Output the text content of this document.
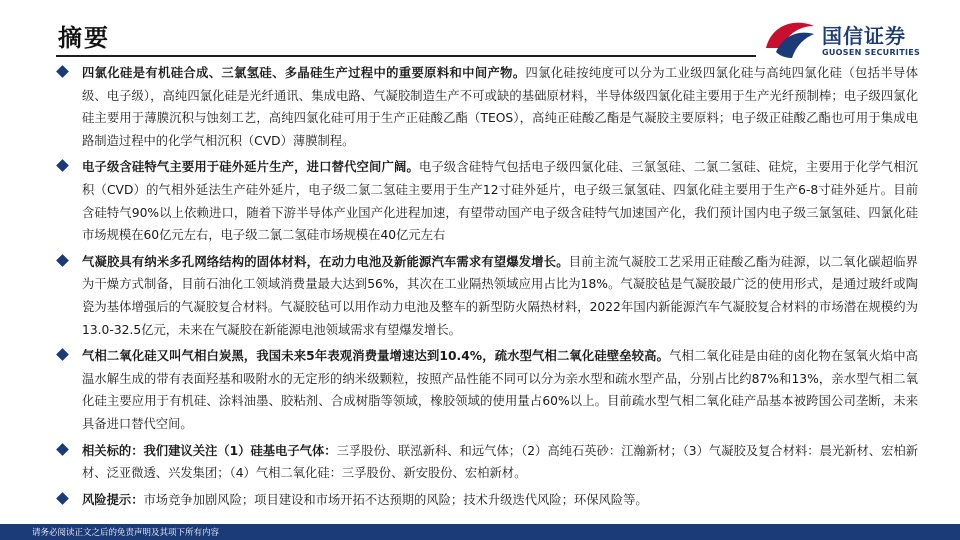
摘要	国信证券
GUOSEN SECURITIES
四氯化硅是有机硅合成、三氯氢硅、多晶硅生产过程中的重要原料和中间产物。四氯化硅按纯度可以分为工业级四氯化硅与高纯四氯化硅（包括半导体级、电子级），高纯四氯化硅是光纤通讯、集成电路、气凝胶制造生产不可或缺的基础原材料，半导体级四氯化硅主要用于生产光纤预制棒；电子级四氯化硅主要用于薄膜沉积与蚀刻工艺，高纯四氯化硅可用于生产正硅酸乙酯（TEOS），高纯正硅酸乙酯是气凝胶主要原料；电子级正硅酸乙酯也可用于集成电路制造过程中的化学气相沉积（CVD）薄膜制程。
电子级含硅特气主要用于硅外延片生产，进口替代空间广阔。电子级含硅特气包括电子级四氯化硅、三氯氢硅、二氯二氢硅、硅烷，主要用于化学气相沉积（CVD）的气相外延法生产硅外延片，电子级二氯二氢硅主要用于生产12寸硅外延片，电子级三氯氢硅、四氯化硅主要用于生产6-8寸硅外延片。目前含硅特气90%以上依赖进口，随着下游半导体产业国产化进程加速，有望带动国产电子级含硅特气加速国产化，我们预计国内电子级三氯氢硅、四氯化硅市场规模在60亿元左右，电子级二氯二氢硅市场规模在40亿元左右
气凝胶具有纳米多孔网络结构的固体材料，在动力电池及新能源汽车需求有望爆发增长。目前主流气凝胶工艺采用正硅酸乙酯为硅源，以二氧化碳超临界为干燥方式制备，目前石油化工领域消费量最大达到56%，其次在工业隔热领域应用占比为18%。气凝胶毡是气凝胶最广泛的使用形式，是通过玻纤或陶瓷为基体增强后的气凝胶复合材料。气凝胶毡可以用作动力电池及整车的新型防火隔热材料，2022年国内新能源汽车气凝胶复合材料的市场潜在规模约为13.0-32.5亿元，未来在气凝胶在新能源电池领域需求有望爆发增长。
气相二氧化硅又叫气相白炭黑，我国未来5年表观消费量增速达到10.4%，疏水型气相二氧化硅壁垒较高。气相二氧化硅是由硅的卤化物在氢氧火焰中高温水解生成的带有表面羟基和吸附水的无定形的纳米级颗粒，按照产品性能不同可以分为亲水型和疏水型产品，分别占比约87%和13%，亲水型气相二氧化硅主要应用于有机硅、涂料油墨、胶粘剂、合成树脂等领域，橡胶领域的使用量占60%以上。目前疏水型气相二氧化硅产品基本被跨国公司垄断，未来具备进口替代空间。
相关标的：我们建议关注（1）硅基电子气体：三孚股份、联泓新科、和远气体；（2）高纯石英砂：江瀚新材；（3）气凝胶及复合材料：晨光新材、宏柏新材、泛亚微透、兴发集团；（4）气相二氧化硅：三孚股份、新安股份、宏柏新材。
风险提示：市场竞争加剧风险；项目建设和市场开拓不达预期的风险；技术升级迭代风险；环保风险等。
请务必阅读正文之后的免责声明及其项下所有内容
